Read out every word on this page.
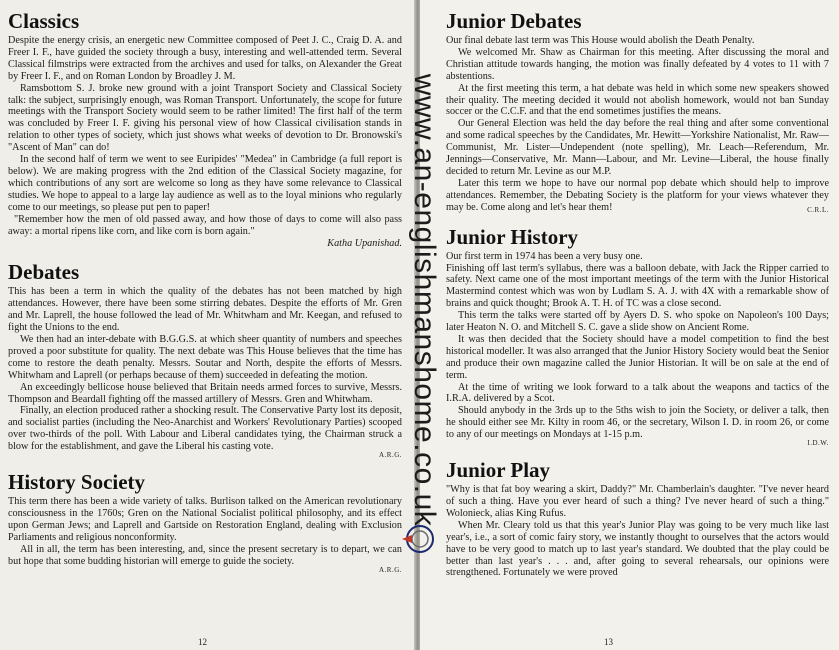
Classics

Despite the energy crisis, an energetic new Committee composed of Peet J. C., Craig D. A. and Freer I. F., have guided the society through a busy, interesting and well-attended term. Several Classical filmstrips were extracted from the archives and used for talks, on Alexander the Great by Freer I. F., and on Roman London by Broadley J. M.

Ramsbottom S. J. broke new ground with a joint Transport Society and Classical Society talk: the subject, surprisingly enough, was Roman Transport. Unfortunately, the scope for future meetings with the Transport Society would seem to be rather limited! The first half of the term was concluded by Freer I. F. giving his personal view of how Classical civilisation stands in relation to other types of society, which just shows what weeks of devotion to Dr. Bronowski's "Ascent of Man" can do!

In the second half of term we went to see Euripides' "Medea" in Cambridge (a full report is below). We are making progress with the 2nd edition of the Classical Society magazine, for which contributions of any sort are welcome so long as they have some relevance to Classical studies. We hope to appeal to a large lay audience as well as to the loyal minions who regularly come to our meetings, so please put pen to paper!

"Remember how the men of old passed away, and how those of days to come will also pass away: a mortal ripens like corn, and like corn is born again."
Katha Upanishad.
Debates

This has been a term in which the quality of the debates has not been matched by high attendances. However, there have been some stirring debates. Despite the efforts of Mr. Gren and Mr. Laprell, the house followed the lead of Mr. Whitwham and Mr. Keegan, and refused to fight the Unions to the end.

We then had an inter-debate with B.G.G.S. at which sheer quantity of numbers and speeches proved a poor substitute for quality. The next debate was This House believes that the time has come to restore the death penalty. Messrs. Soutar and North, despite the efforts of Messrs. Whitwham and Laprell (or perhaps because of them) succeeded in defeating the motion.

An exceedingly bellicose house believed that Britain needs armed forces to survive, Messrs. Thompson and Beardall fighting off the massed artillery of Messrs. Gren and Whitwham.

Finally, an election produced rather a shocking result. The Conservative Party lost its deposit, and socialist parties (including the Neo-Anarchist and Workers' Revolutionary Parties) scooped over two-thirds of the poll. With Labour and Liberal candidates tying, the Chairman struck a blow for the establishment, and gave the Liberal his casting vote.

A.R.G.
History Society

This term there has been a wide variety of talks. Burlison talked on the American revolutionary consciousness in the 1760s; Gren on the National Socialist political philosophy, and its effect upon German Jews; and Laprell and Gartside on Restoration England, dealing with Exclusion Parliaments and religious nonconformity.

All in all, the term has been interesting, and, since the present secretary is to depart, we can but hope that some budding historian will emerge to guide the society.

A.R.G.
12
Junior Debates

Our final debate last term was This House would abolish the Death Penalty.

We welcomed Mr. Shaw as Chairman for this meeting. After discussing the moral and Christian attitude towards hanging, the motion was finally defeated by 4 votes to 11 with 7 abstentions.

At the first meeting this term, a hat debate was held in which some new speakers showed their quality. The meeting decided it would not abolish homework, would not ban Sunday soccer or the C.C.F. and that the end sometimes justifies the means.

Our General Election was held the day before the real thing and after some conventional and some radical speeches by the Candidates, Mr. Hewitt—Yorkshire Nationalist, Mr. Raw—Communist, Mr. Lister—Undependent (note spelling), Mr. Leach—Referendum, Mr. Jennings—Conservative, Mr. Mann—Labour, and Mr. Levine—Liberal, the house finally decided to return Mr. Levine as our M.P.

Later this term we hope to have our normal pop debate which should help to improve attendances. Remember, the Debating Society is the platform for your views whatever they may be. Come along and let's hear them!	C.R.L.

Junior History

Our first term in 1974 has been a very busy one.

Finishing off last term's syllabus, there was a balloon debate, with Jack the Ripper carried to safety. Next came one of the most important meetings of the term with the Junior Historical Mastermind contest which was won by Ludlam S. A. J. with 4X with a remarkable show of brains and quick thought; Brook A. T. H. of TC was a close second.

This term the talks were started off by Ayers D. S. who spoke on Napoleon's 100 Days; later Heaton N. O. and Mitchell S. C. gave a slide show on Ancient Rome.

It was then decided that the Society should have a model competition to find the best historical modeller. It was also arranged that the Junior History Society would beat the Senior and produce their own magazine called the Junior Historian. It will be on sale at the end of term.

At the time of writing we look forward to a talk about the weapons and tactics of the I.R.A. delivered by a Scot.

Should anybody in the 3rds up to the 5ths wish to join the Society, or deliver a talk, then he should either see Mr. Kilty in room 46, or the secretary, Wilson I. D. in room 26, or come to any of our meetings on Mondays at 1-15 p.m.

I.D.W.
Junior Play

"Why is that fat boy wearing a skirt, Daddy?" Mr. Chamberlain's daughter. "I've never heard of such a thing. Have you ever heard of such a thing? I've never heard of such a thing." Wolonieck, alias King Rufus.

When Mr. Cleary told us that this year's Junior Play was going to be very much like last year's, i.e., a sort of comic fairy story, we instantly thought to ourselves that the actors would have to be very good to match up to last year's standard. We doubted that the play could be better than last year's . . . and, after going to several rehearsals, our opinions were strengthened. Fortunately we were proved

13
www.an-englishmanshome.co.uk
